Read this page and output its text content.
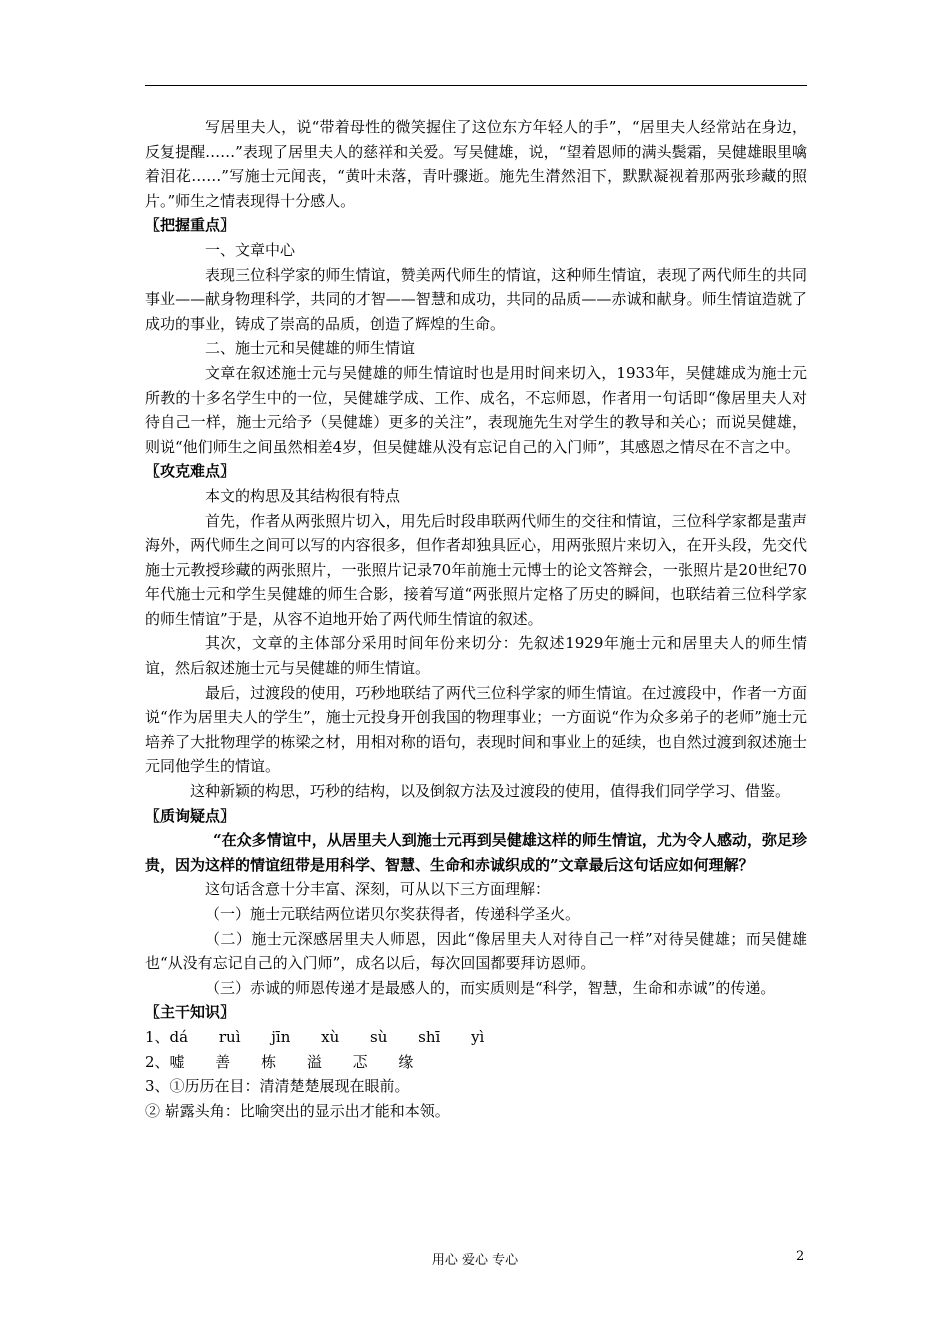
写居里夫人，说“带着母性的微笑握住了这位东方年轻人的手”，“居里夫人经常站在身边，反复提醒……”表现了居里夫人的慈祥和关爱。写吴健雄，说，“望着恩师的满头鬓霜，吴健雄眼里噙着泪花……”写施士元闻丧，“黄叶未落，青叶骤逝。施先生潸然泪下，默默凝视着那两张珍藏的照片。”师生之情表现得十分感人。

〖把握重点〗

一、文章中心

表现三位科学家的师生情谊，赞美两代师生的情谊，这种师生情谊，表现了两代师生的共同事业——献身物理科学，共同的才智——智慧和成功，共同的品质——赤诚和献身。师生情谊造就了成功的事业，铸成了崇高的品质，创造了辉煌的生命。

二、施士元和吴健雄的师生情谊

文章在叙述施士元与吴健雄的师生情谊时也是用时间来切入，1933年，吴健雄成为施士元所教的十多名学生中的一位，吴健雄学成、工作、成名，不忘师恩，作者用一句话即“像居里夫人对待自己一样，施士元给予（吴健雄）更多的关注”，表现施先生对学生的教导和关心；而说吴健雄，则说“他们师生之间虽然相差4岁，但吴健雄从没有忘记自己的入门师”，其感恩之情尽在不言之中。

〖攻克难点〗

本文的构思及其结构很有特点

首先，作者从两张照片切入，用先后时段串联两代师生的交往和情谊，三位科学家都是蜚声海外，两代师生之间可以写的内容很多，但作者却独具匠心，用两张照片来切入，在开头段，先交代施士元教授珍藏的两张照片，一张照片记录70年前施士元博士的论文答辩会，一张照片是20世纪70年代施士元和学生吴健雄的师生合影，接着写道“两张照片定格了历史的瞬间，也联结着三位科学家的师生情谊”于是，从容不迫地开始了两代师生情谊的叙述。

其次，文章的主体部分采用时间年份来切分：先叙述1929年施士元和居里夫人的师生情谊，然后叙述施士元与吴健雄的师生情谊。

最后，过渡段的使用，巧秒地联结了两代三位科学家的师生情谊。在过渡段中，作者一方面说“作为居里夫人的学生”，施士元投身开创我国的物理事业；一方面说“作为众多弟子的老师”施士元培养了大批物理学的栋梁之材，用相对称的语句，表现时间和事业上的延续，也自然过渡到叙述施士元同他学生的情谊。

这种新颖的构思，巧秒的结构，以及倒叙方法及过渡段的使用，值得我们同学学习、借鉴。

〖质询疑点〗

“在众多情谊中，从居里夫人到施士元再到吴健雄这样的师生情谊，尤为令人感动，弥足珍贵，因为这样的情谊纽带是用科学、智慧、生命和赤诚织成的”文章最后这句话应如何理解？

这句话含意十分丰富、深刻，可从以下三方面理解：

（一）施士元联结两位诺贝尔奖获得者，传递科学圣火。

（二）施士元深感居里夫人师恩，因此“像居里夫人对待自己一样”对待吴健雄；而吴健雄也“从没有忘记自己的入门师”，成名以后，每次回国都要拜访恩师。

（三）赤诚的师恩传递才是最感人的，而实质则是“科学，智慧，生命和赤诚”的传递。

〖主干知识〗

1、dá ruì jīn xù sù shī yì

2、嘘 善 栋 溢 忑 缘

3、①历历在目：清清楚楚展现在眼前。

② 崭露头角：比喻突出的显示出才能和本领。

用心 爱心 专心	2
